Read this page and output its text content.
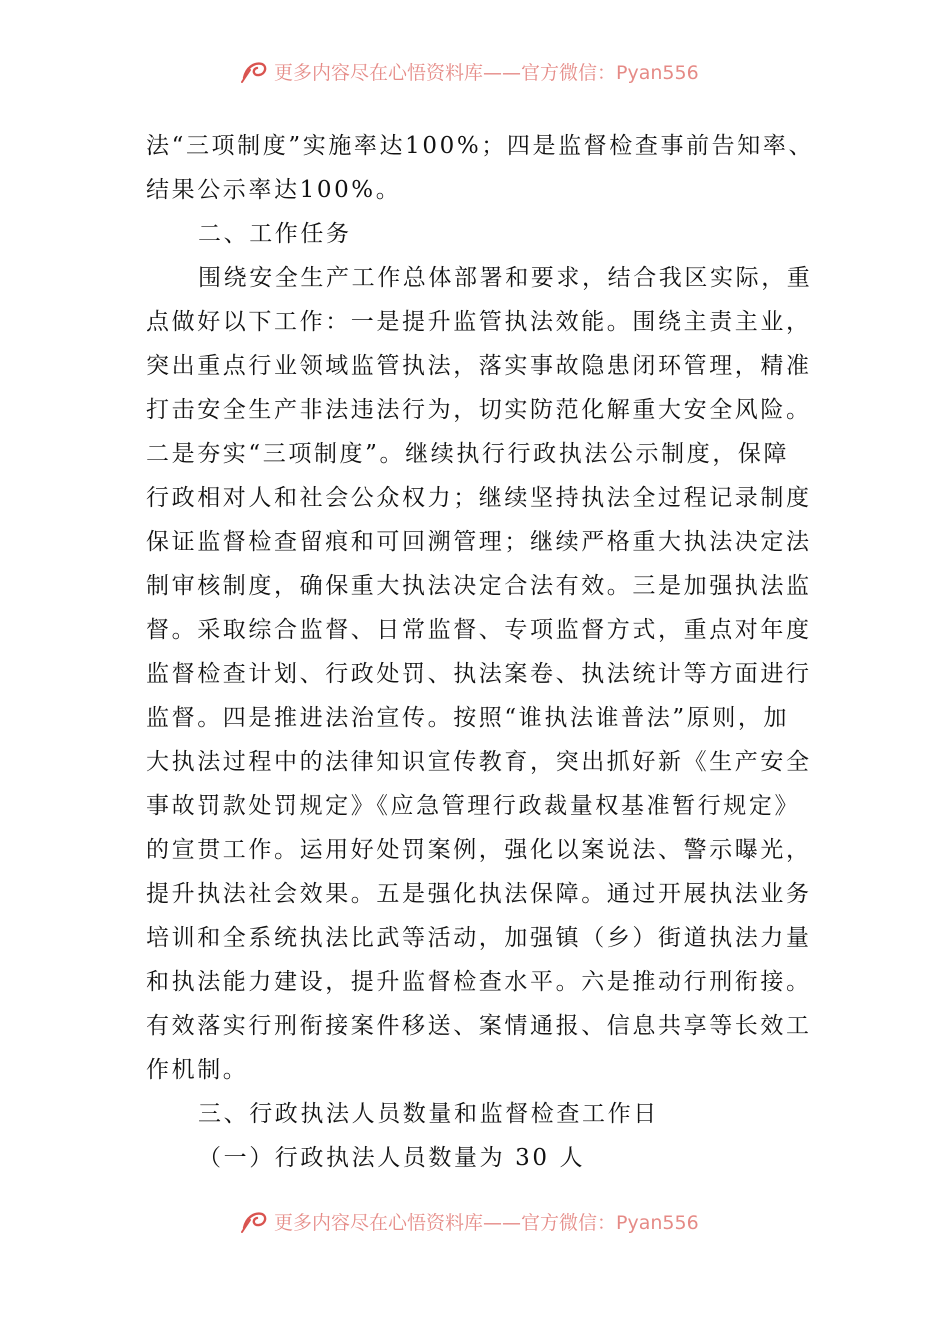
更多内容尽在心悟资料库——官方微信：Pyan556
法“三项制度”实施率达100%；四是监督检查事前告知率、
结果公示率达100%。
二、工作任务
围绕安全生产工作总体部署和要求，结合我区实际，重
点做好以下工作：一是提升监管执法效能。围绕主责主业，
突出重点行业领域监管执法，落实事故隐患闭环管理，精准
打击安全生产非法违法行为，切实防范化解重大安全风险。
二是夯实“三项制度”。继续执行行政执法公示制度，保障
行政相对人和社会公众权力；继续坚持执法全过程记录制度
保证监督检查留痕和可回溯管理；继续严格重大执法决定法
制审核制度，确保重大执法决定合法有效。三是加强执法监
督。采取综合监督、日常监督、专项监督方式，重点对年度
监督检查计划、行政处罚、执法案卷、执法统计等方面进行
监督。四是推进法治宣传。按照“谁执法谁普法”原则，加
大执法过程中的法律知识宣传教育，突出抓好新《生产安全
事故罚款处罚规定》《应急管理行政裁量权基准暂行规定》
的宣贯工作。运用好处罚案例，强化以案说法、警示曝光，
提升执法社会效果。五是强化执法保障。通过开展执法业务
培训和全系统执法比武等活动，加强镇（乡）街道执法力量
和执法能力建设，提升监督检查水平。六是推动行刑衔接。
有效落实行刑衔接案件移送、案情通报、信息共享等长效工
作机制。
三、行政执法人员数量和监督检查工作日
（一）行政执法人员数量为 30 人
更多内容尽在心悟资料库——官方微信：Pyan556
